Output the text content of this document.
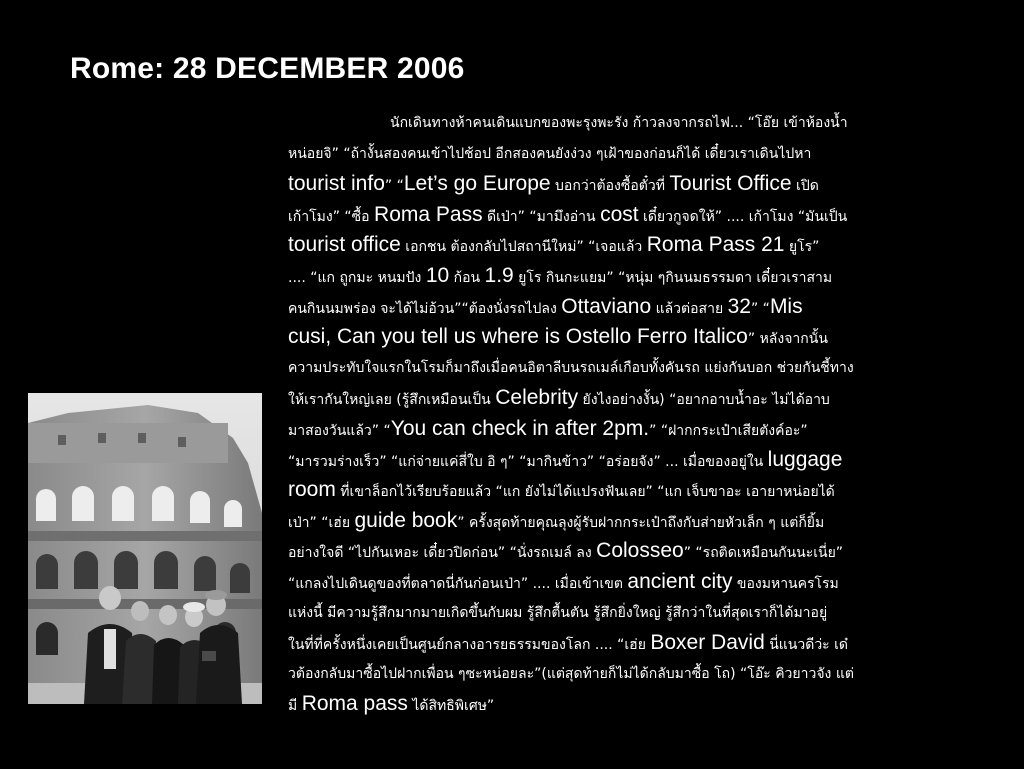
Rome: 28 DECEMBER 2006
นักเดินทางห้าคนเดินแบกของพะรุงพะรัง ก้าวลงจากรถไฟ... “โอ๊ย เข้าห้องน้ำ
หน่อยจิ” “ถ้างั้นสองคนเข้าไปช้อป อีกสองคนยังง่วง ๆเฝ้าของก่อนก็ได้ เดี๋ยวเราเดินไปหา
tourist info” “Let’s go Europe บอกว่าต้องซื้อตั๋วที่ Tourist Office เปิด
เก้าโมง” “ซื้อ Roma Pass ดีเป่า” “มามึงอ่าน cost เดี๋ยวกูจดให้” .... เก้าโมง “มันเป็น
tourist office เอกชน ต้องกลับไปสถานีใหม่” “เจอแล้ว Roma Pass 21 ยูโร”
.... “แก ถูกมะ หนมปัง 10 ก้อน 1.9 ยูโร กินกะแยม” “หนุ่ม ๆกินนมธรรมดา เดี๋ยวเราสาม
คนกินนมพร่อง จะได้ไม่อ้วน”“ต้องนั่งรถไปลง Ottaviano แล้วต่อสาย 32” “Mis
cusi, Can you tell us where is Ostello Ferro Italico” หลังจากนั้น
ความประทับใจแรกในโรมก็มาถึงเมื่อคนอิตาลีบนรถเมล์เกือบทั้งคันรถ แย่งกันบอก ช่วยกันชี้ทาง
ให้เรากันใหญ่เลย (รู้สึกเหมือนเป็น Celebrity ยังไงอย่างงั้น) “อยากอาบน้ำอะ ไม่ได้อาบ
มาสองวันแล้ว” “You can check in after 2pm.” “ฝากกระเป๋าเสียตังค์อะ”
“มารวมร่างเร็ว” “แก่จ่ายแค่สี่ใบ อิ ๆ” “มากินข้าว” “อร่อยจัง” ... เมื่อของอยู่ใน luggage
room ที่เขาล็อกไว้เรียบร้อยแล้ว “แก ยังไม่ได้แปรงฟันเลย” “แก เจ็บขาอะ เอายาหน่อยได้
เป่า” “เฮ่ย guide book” ครั้งสุดท้ายคุณลุงผู้รับฝากกระเป๋าถึงกับส่ายหัวเล็ก ๆ แต่ก็ยิ้ม
อย่างใจดี “ไปกันเหอะ เดี๋ยวปิดก่อน” “นั่งรถเมล์ ลง Colosseo” “รถติดเหมือนกันนะเนี่ย”
“แกลงไปเดินดูของที่ตลาดนี่กันก่อนเป่า” .... เมื่อเข้าเขต ancient city ของมหานครโรม
แห่งนี้ มีความรู้สึกมากมายเกิดขึ้นกับผม รู้สึกตื้นตัน รู้สึกยิ่งใหญ่ รู้สึกว่าในที่สุดเราก็ได้มาอยู่
ในที่ที่ครั้งหนึ่งเคยเป็นศูนย์กลางอารยธรรมของโลก .... “เฮ่ย Boxer David นี่แนวดีว่ะ เด๋
วต้องกลับมาซื้อไปฝากเพื่อน ๆซะหน่อยละ”(แต่สุดท้ายก็ไม่ได้กลับมาซื้อ โถ) “โอ๊ะ คิวยาวจัง แต่
มี Roma pass ได้สิทธิพิเศษ”
